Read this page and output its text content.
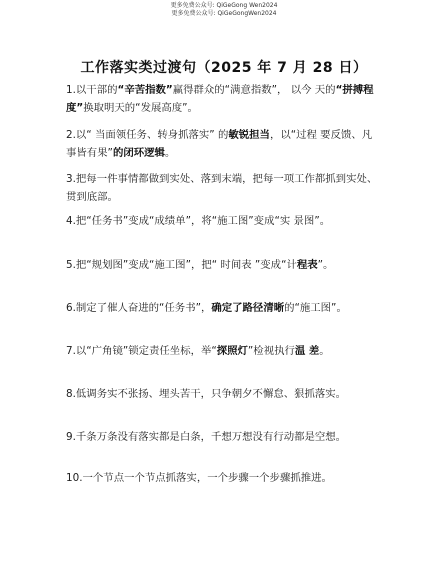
更多免费公众号: QiGeGong Wen2024
更多免费公众号: QiGeGongWen2024
工作落实类过渡句（2025 年 7 月 28 日）
1.以干部的“辛苦指数”赢得群众的“满意指数”， 以今 天的“拼搏程度”换取明天的“发展高度”。
2.以“ 当面领任务、转身抓落实” 的敏锐担当，以“过程 要反馈、凡事皆有果”的闭环逻辑。
3.把每一件事情都做到实处、落到末端，把每一项工作都抓到实处、贯到底部。
4.把“任务书”变成“成绩单”，将“施工图”变成“实 景图”。
5.把“规划图”变成“施工图”，把“ 时间表 ”变成“计程表”。
6.制定了催人奋进的“任务书”，确定了路径清晰的“施工图”。
7.以“广角镜”锁定责任坐标，举“探照灯”检视执行温 差。
8.低调务实不张扬、埋头苦干，只争朝夕不懈怠、狠抓落实。
9.千条万条没有落实都是白条，千想万想没有行动都是空想。
10.一个节点一个节点抓落实，一个步骤一个步骤抓推进。
